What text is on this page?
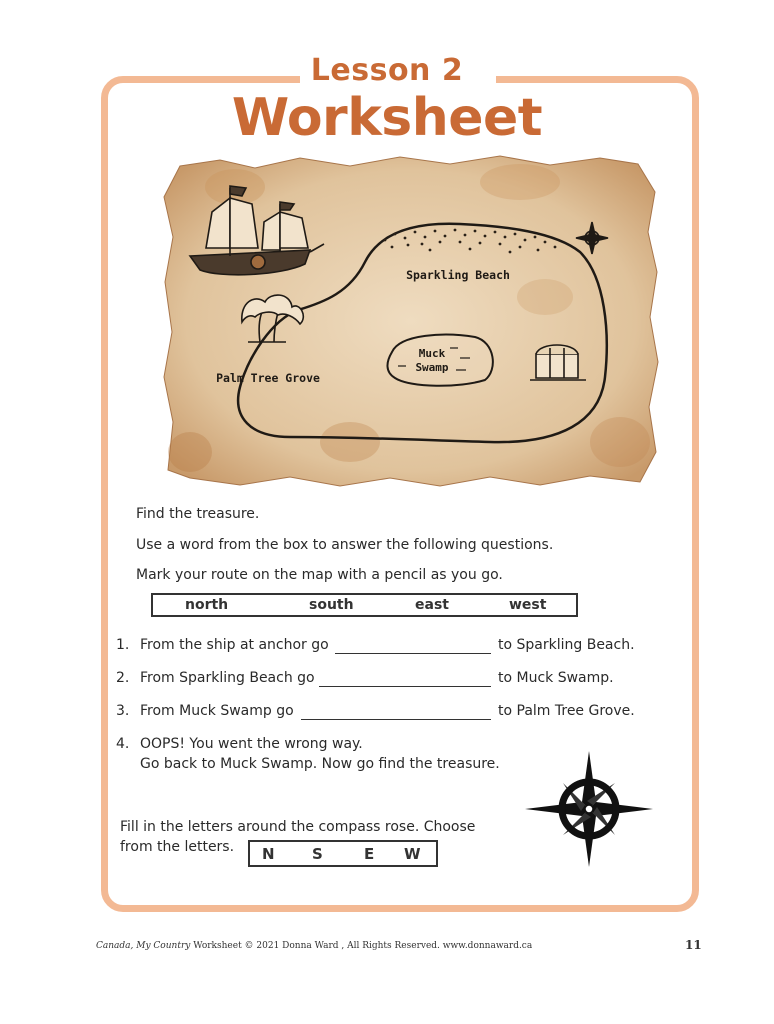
Lesson 2
Worksheet
Sparkling Beach
Muck
Swamp
Palm Tree Grove
Find the treasure.
Use a word from the box to answer the following questions.
Mark your route on the map with a pencil as you go.
north	south	east	west
1. From the ship at anchor go	to Sparkling Beach.
2. From Sparkling Beach go	to Muck Swamp.
3. From Muck Swamp go	to Palm Tree Grove.
4. OOPS! You went the wrong way.
Go back to Muck Swamp. Now go find the treasure.
Fill in the letters around the compass rose. Choose
from the letters.	N S	E W
Canada, My Country Worksheet © 2021 Donna Ward , All Rights Reserved. www.donnaward.ca	11
